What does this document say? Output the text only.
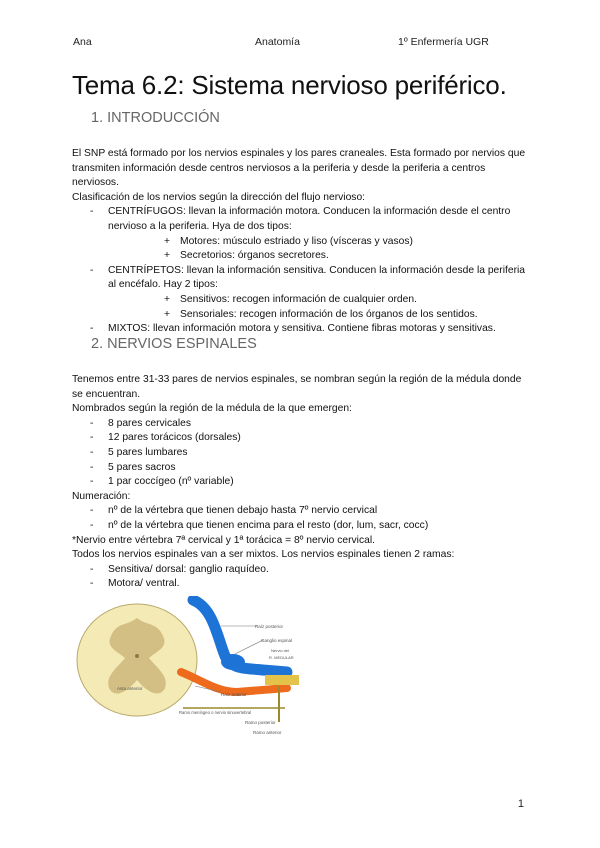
Ana	Anatomía	1º Enfermería UGR
Tema 6.2: Sistema nervioso periférico.
1. INTRODUCCIÓN

El SNP está formado por los nervios espinales y los pares craneales. Esta formado por nervios que transmiten información desde centros nerviosos a la periferia y desde la periferia a centros nerviosos.

Clasificación de los nervios según la dirección del flujo nervioso:

- CENTRÍFUGOS: llevan la información motora. Conducen la información desde el centro nervioso a la periferia. Hya de dos tipos:
+ Motores: músculo estriado y liso (vísceras y vasos)
+ Secretorios: órganos secretores.
- CENTRÍPETOS: llevan la información sensitiva. Conducen la información desde la periferia al encéfalo. Hay 2 tipos:
+ Sensitivos: recogen información de cualquier orden.
+ Sensoriales: recogen información de los órganos de los sentidos.
- MIXTOS: llevan información motora y sensitiva. Contiene fibras motoras y sensitivas.
2. NERVIOS ESPINALES

Tenemos entre 31-33 pares de nervios espinales, se nombran según la región de la médula donde se encuentran.

Nombrados según la región de la médula de la que emergen:

- 8 pares cervicales
- 12 pares torácicos (dorsales)
- 5 pares lumbares
- 5 pares sacros
- 1 par coccígeo (nº variable)

Numeración:

- nº de la vértebra que tienen debajo hasta 7º nervio cervical
- nº de la vértebra que tienen encima para el resto (dor, lum, sacr, cocc)

*Nervio entre vértebra 7ª cervical y 1ª torácica = 8º nervio cervical.

Todos los nervios espinales van a ser mixtos. Los nervios espinales tienen 2 ramas:

- Sensitiva/ dorsal: ganglio raquídeo.
- Motora/ ventral.
Raíz posterior
Ganglio espinal
Nervio del
R. MEDULAR
Raíz anterior
Asta anterior
Ramo meníngeo o nervio sinuvertebral
Ramo posterior
Ramo anterior
1
